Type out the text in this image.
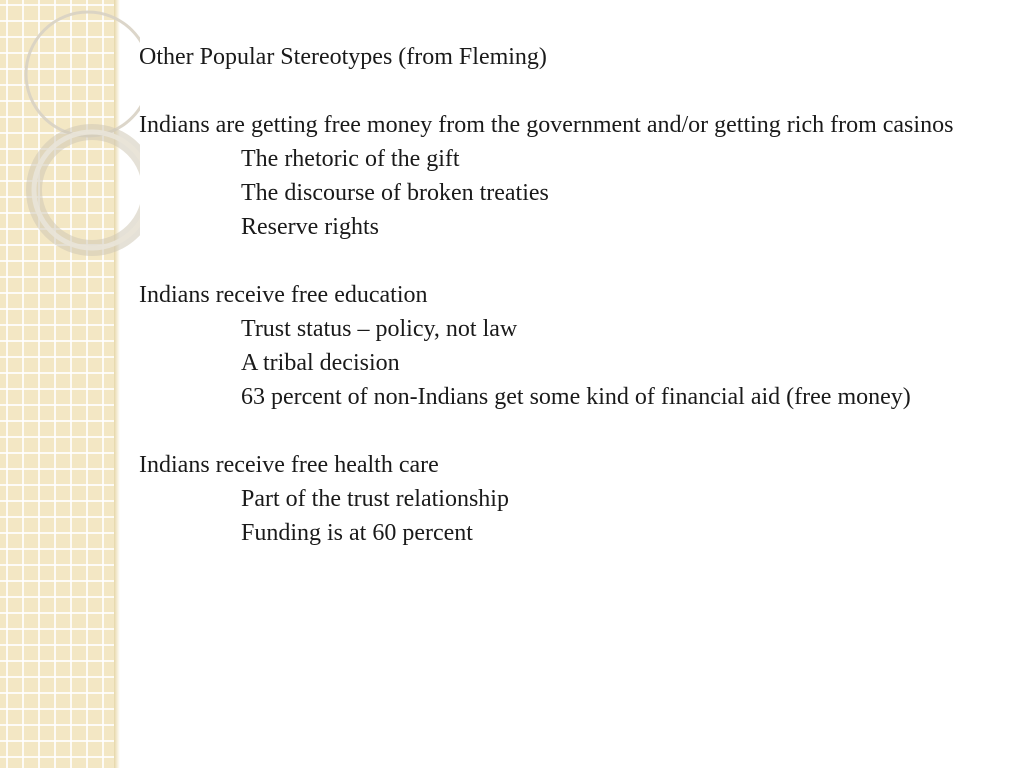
Other Popular Stereotypes (from Fleming)

Indians are getting free money from the government and/or getting rich from casinos

The rhetoric of the gift

The discourse of broken treaties

Reserve rights

Indians receive free education

Trust status – policy, not law

A tribal decision

63 percent of non-Indians get some kind of financial aid (free money)

Indians receive free health care

Part of the trust relationship

Funding is at 60 percent
